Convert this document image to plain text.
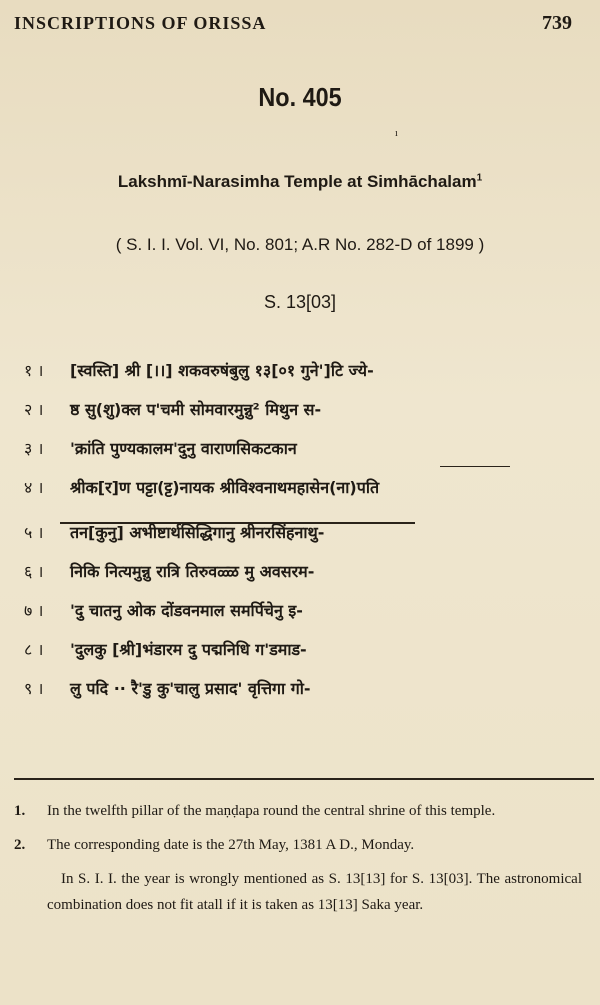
INSCRIPTIONS OF ORISSA	739
No. 405
ı
Lakshmī-Narasimha Temple at Simhāchalam$^1$
( S. I. I. Vol. VI, No. 801; A.R No. 282-D of 1899 )
S. 13[03]
१ ।	[स्वस्ति] श्री [।।] शकवरुषंबुलु १३[०१ गुने']टि ज्ये-
२ ।	ष्ठ सु(शु)क्ल प'चमी सोमवारमुन्नु² मिथुन स-
३ ।	'क्रांति पुण्यकालम'दुनु वाराणसिकटकान
४ ।	श्रीक[र]ण पट्टा(ट्ट)नायक श्रीविश्वनाथमहासेन(ना)पति
५ ।	तन[कुनु] अभीष्टार्थसिद्धिगानु श्रीनरसिंहनाथु-
६ ।	निकि नित्यमुन्नु रात्रि तिरुवळ्ळ मु अवसरम-
७ ।	'दु चातनु ओक दोंडवनमाल समर्पिचेनु इ-
८ ।	'दुलकु [श्री]भंडारम दु पद्मनिधि ग'डमाड-
९ ।	लु पदि ·· रै'डु कु'चालु प्रसाद' वृत्तिगा गो-
1.	In the twelfth pillar of the maṇḍapa round the central shrine of this temple.
2.	The corresponding date is the 27th May, 1381 A D., Monday.
In S. I. I. the year is wrongly mentioned as S. 13[13] for S. 13[03]. The astronomical combination does not fit atall if it is taken as 13[13] Saka year.
